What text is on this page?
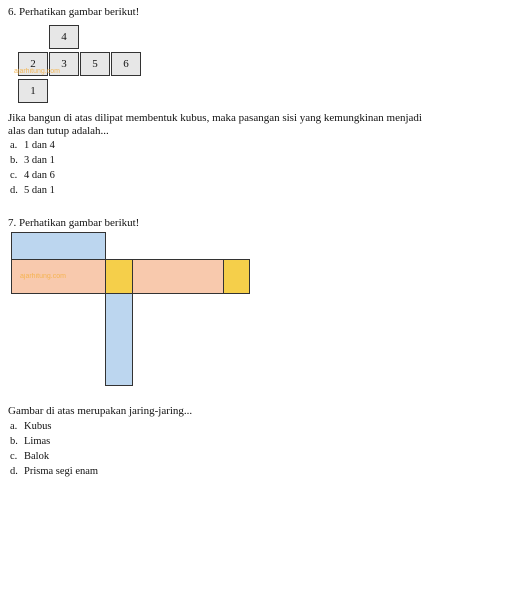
6. Perhatikan gambar berikut!
4
2	3	5	6
1
ajarhitung.com
Jika bangun di atas dilipat membentuk kubus, maka pasangan sisi yang kemungkinan menjadi
alas dan tutup adalah...
a. 1 dan 4
b. 3 dan 1
c. 4 dan 6
d. 5 dan 1
7. Perhatikan gambar berikut!
ajarhitung.com
Gambar di atas merupakan jaring-jaring...
a. Kubus
b. Limas
c. Balok
d. Prisma segi enam
